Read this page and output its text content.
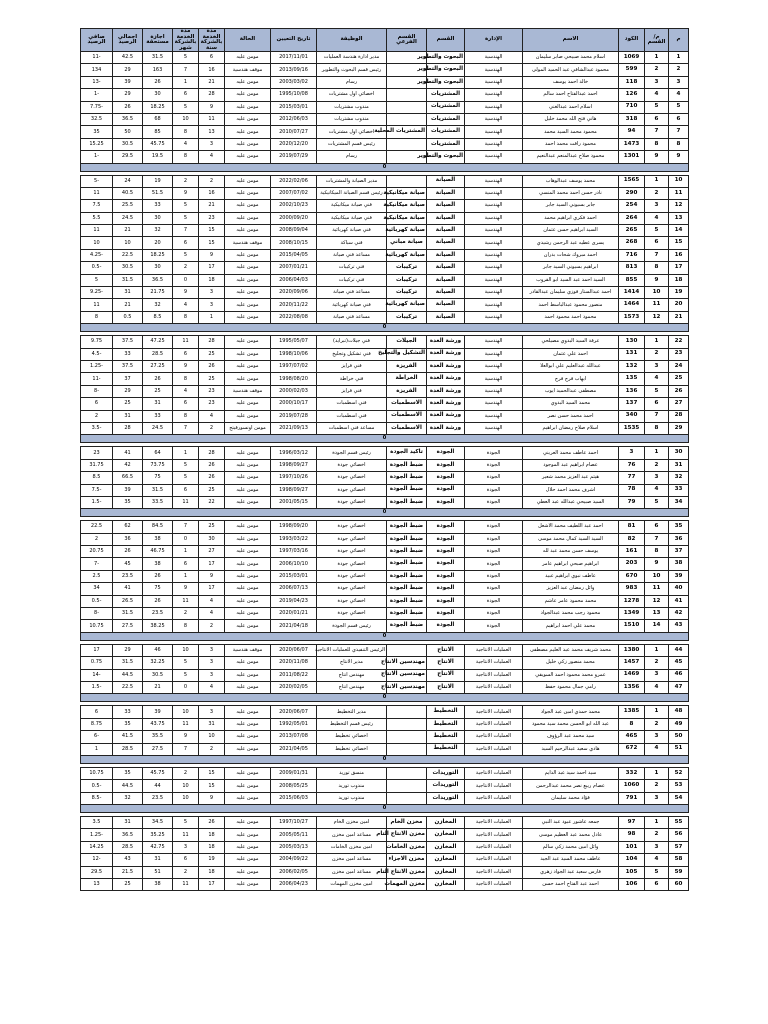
م	م/القسم	الكود	الاسم	الإدارة	القسم	القسم الفرعي	الوظيفة	تاريخ التعيين	الحالة	مدة الخدمة بالشركة سنة	مدة الخدمة بالشركة شهر	اجازة مستحقة	اجمالي الرصيد	صافي الرصيد
1	1	1069	اسلام محمد صبيحي صابر سليمان	الهندسية	البحوث والتطوير		مدير ادارة هندسة العمليات	2017/11/01	مومن عليه	6	5	31.5	42.5	-11
2	2	599	محمود عبدالشافي عبد الحميد المولى	الهندسية	البحوث والتطوير		رئيس قسم البحوث والتطوير	2013/09/16	موقف هندسية	16	7	163	29	134
3	3	118	خالد احمد يوسف	الهندسية	البحوث والتطوير		رسام	2003/03/02	مومن عليه	21	1	26	39	-13
4	4	126	احمد عبدالفتاح احمد سالم	الهندسية	المشتريات		اخصائي اول مشتريات	1995/10/08	مومن عليه	28	6	30	29	-1
5	5	710	اسلام احمد عبدالغني	الهندسية	المشتريات		مندوب مشتريات	2015/03/01	مومن عليه	9	5	18.25	26	-7.75
6	6	318	هاني فتح الله محمد خليل	الهندسية	المشتريات		مندوب مشتريات	2012/06/03	مومن عليه	11	10	68	36.5	32.5
7	7	94	محمود محمد السيد محمد	الهندسية	المشتريات	المشتريات المحلية	اخصائي اول مشتريات	2010/07/27	مومن عليه	13	8	85	50	35
8	8	1473	محمود رافت محمد احمد	الهندسية	المشتريات		رئيس قسم المشتريات	2020/12/20	مومن عليه	3	4	45.75	30.5	15.25
9	9	1301	محمود صلاح عبدالمنعم عبدالنعيم	الهندسية	البحوث والتطوير		رسام	2019/07/29	مومن عليه	4	8	19.5	29.5	-1
0														

10	1	1565	محمد يوسف عبدالوهاب	الهندسية	الصيانة		مدير الصيانة والمشتريات	2022/02/06	مومن عليه	2	2	19	24	-5
11	2	290	نادر حسن احمد محمد المنسي	الهندسية	الصيانة	صيانة ميكانيكية	رئيس قسم الصيانة الميكانيكية	2007/07/02	مومن عليه	16	9	51.5	40.5	11
12	3	254	جابر بسيوني السيد جابر	الهندسية	الصيانة	صيانة ميكانيكية	فني صيانة ميكانيكية	2002/10/23	مومن عليه	21	5	33	25.5	7.5
13	4	264	احمد فكري ابراهيم محمد	الهندسية	الصيانة	صيانة ميكانيكية	فني صيانة ميكانيكية	2000/09/20	مومن عليه	23	5	30	24.5	5.5
14	5	265	السيد ابراهيم حسن عثمان	الهندسية	الصيانة	صيانة كهربائية	فني صيانة كهربائية	2008/09/04	مومن عليه	15	7	32	21	11
15	6	268	يسرى عطيه عبد الرحمن رشيدي	الهندسية	الصيانة	صيانة مباني	فني سباكة	2008/10/15	موقف هندسية	15	6	20	10	10
16	7	716	احمد مبروك شحات بدران	الهندسية	الصيانة	صيانة كهربائية	مساعد فني صيانة	2015/04/05	مومن عليه	9	5	18.25	22.5	-4.25
17	8	813	ابراهيم بسيوني السيد جابر	الهندسية	الصيانة	تركيبات	فني تركيبات	2007/01/21	مومن عليه	17	2	30	30.5	-0.5
18	9	855	السيد احمد عبد السيد ابو القروب	الهندسية	الصيانة	تركيبات	فني تركيبات	2006/04/03	مومن عليه	18	0	36.5	31.5	5
19	10	1414	احمد عبدالستار فوزي سليمان عبدالقادر	الهندسية	الصيانة	تركيبات	مساعد فني صيانة	2020/09/06	مومن عليه	3	9	21.75	31	-9.25
20	11	1464	منصور محمود عبدالباسط احمد	الهندسية	الصيانة	صيانة كهربائية	فني صيانة كهربائية	2020/11/22	مومن عليه	3	4	32	21	11
21	12	1573	محمود احمد محمود احمد	الهندسية	الصيانة	تركيبات	مساعد فني صيانة	2022/08/08	مومن عليه	1	8	8.5	0.5	8
0														

22	1	130	عرفة السيد البدوي مصيلحي	الهندسية	ورشة العدة	الجيلات	فني جيلات(تبرايد)	1995/05/07	مومن عليه	28	11	47.25	37.5	9.75
23	2	131	احمد علي عثمان	الهندسية	ورشة العدة	التشكيل والتجليخ	فني تشكيل وتجليخ	1998/10/06	مومن عليه	25	6	28.5	33	-4.5
24	3	132	عبدالله عبدالعليم علي ابوالعلا	الهندسية	ورشة العدة	الفريزة	فني فرايز	1997/07/02	مومن عليه	26	9	27.25	37.5	-1.25
25	4	135	ايهاب فرج فرج	الهندسية	ورشة العدة	الخراطة	فني خراطة	1998/08/20	مومن عليه	25	8	26	37	-11
26	5	136	مصطفى عبدالحميد ايوب	الهندسية	ورشة العدة	الفريزة	فني فرايز	2000/02/03	موقف هندسية	23	4	25	29	-8
27	6	137	محمد السيد البدوي	الهندسية	ورشة العدة	الاسطمبات	فني اسطمبات	2000/10/17	مومن عليه	23	6	31	25	6
28	7	340	احمد محمد حسن نصر	الهندسية	ورشة العدة	الاسطمبات	فني اسطمبات	2019/07/28	مومن عليه	4	8	33	31	2
29	8	1535	اسلام صلاح رمضان ابراهيم	الهندسية	ورشة العدة	الاسطمبات	مساعد فني اسطمبات	2021/09/13	مومن اونسورفيتج	2	7	24.5	28	-3.5
0														

30	1	3	احمد عاطف محمد العريني	الجودة	الجودة	تاكيد الجودة	رئيس قسم الجودة	1996/03/12	مومن عليه	28	1	64	41	23
31	2	76	عصام ابراهيم عبد الموجود	الجودة	الجودة	ضبط الجودة	اخصائي جودة	1998/09/27	مومن عليه	26	5	73.75	42	31.75
32	3	77	هيثم عبد العزيز محمد شعير	الجودة	الجودة	ضبط الجودة	اخصائي جودة	1997/10/26	مومن عليه	26	5	75	66.5	8.5
33	4	78	اشرف محمد احمد حلال	الجودة	الجودة	ضبط الجودة	اخصائي جودة	1998/09/27	مومن عليه	25	6	31.5	39	-7.5
34	5	79	السيد صبيحي عبدالله عبد العطي	الجودة	الجودة	ضبط الجودة	اخصائي جودة	2001/05/15	مومن عليه	22	11	33.5	35	-1.5
0														

35	6	81	احمد عبد اللطيف محمد الاشعل	الجودة	الجودة	ضبط الجودة	اخصائي جودة	1998/09/20	مومن عليه	25	7	84.5	62	22.5
36	7	82	السيد السيد كمال محمد موسى	الجودة	الجودة	ضبط الجودة	اخصائي جودة	1993/03/22	مومن عليه	30	0	38	36	2
37	8	161	يوسف حسن محمد عبد لله	الجودة	الجودة	ضبط الجودة	اخصائي جودة	1997/03/16	مومن عليه	27	1	46.75	26	20.75
38	9	203	ابراهيم صبحي ابراهيم عامر	الجودة	الجودة	ضبط الجودة	اخصائي جودة	2006/10/10	مومن عليه	17	6	38	45	-7
39	10	670	عاطف نبوي ابراهيم عبيد	الجودة	الجودة	ضبط الجودة	اخصائي جودة	2015/03/01	مومن عليه	9	1	26	23.5	2.5
40	11	983	وائل رمضان عبد العزيز	الجودة	الجودة	ضبط الجودة	اخصائي جودة	2006/07/13	مومن عليه	17	9	75	41	34
41	12	1278	محمد محمود عامر عاشم	الجودة	الجودة	ضبط الجودة	اخصائي جودة	2019/04/23	مومن عليه	4	11	26	26.5	-0.5
42	13	1349	محمود رجب محمد عبدالجواد	الجودة	الجودة	ضبط الجودة	اخصائي جودة	2020/01/21	مومن عليه	4	2	23.5	31.5	-8
43	14	1510	محمد علي احمد ابراهيم	الجودة	الجودة	ضبط الجودة	رئيس قسم الجودة	2021/04/18	مومن عليه	2	8	38.25	27.5	10.75
0														

44	1	1380	محمد شريف محمد عبد العليم مصطفى	العمليات الانتاجية	الانتاج		الرئيس التنفيذي للعمليات الانتاجية	2020/06/07	موقف هندسية	3	10	46	29	17
45	2	1457	محمد منصور زكي خليل	العمليات الانتاجية	الانتاج	مهندسين الانتاج	مدير الانتاج	2020/11/08	مومن عليه	3	5	32.25	31.5	0.75
46	3	1469	عمرو محمد محمود احمد السويقي	العمليات الانتاجية	الانتاج	مهندسين الانتاج	مهندس انتاج	2011/08/22	مومن عليه	3	5	30.5	44.5	-14
47	4	1356	رامي جمال محمود حفظ	العمليات الانتاجية	الانتاج	مهندسين الانتاج	مهندس انتاج	2020/02/05	مومن عليه	4	0	21	22.5	-1.5
0														

48	1	1385	محمد حمدي امين عبد الجواد	العمليات الانتاجية	التخطيط		مدير التخطيط	2020/06/07	مومن عليه	3	10	39	33	6
49	2	8	عبد الله ابو الحسن محمد سيد محمود	العمليات الانتاجية	التخطيط		رئيس قسم التخطيط	1992/05/01	مومن عليه	31	11	43.75	35	8.75
50	3	465	سيد محمد عبد الرؤوف	العمليات الانتاجية	التخطيط		اخصائي تخطيط	2013/07/08	مومن عليه	10	9	35.5	41.5	-6
51	4	672	هادي سعيد عبدالرحيم السيد	العمليات الانتاجية	التخطيط		اخصائي تخطيط	2021/04/05	مومن عليه	2	7	27.5	28.5	1
0														

52	1	332	سيد احمد سيد عبد الدايم	العمليات الانتاجية	التوريدات		منسق توريد	2009/01/31	مومن عليه	15	2	45.75	35	10.75
53	2	1060	عصام ربيع نصر محمد عبدالرحمن	العمليات الانتاجية	التوريدات		مندوب توريد	2008/05/25	مومن عليه	15	10	44	44.5	-0.5
54	3	791	فؤاد محمد سليمان	العمليات الانتاجية	التوريدات		مندوب توريد	2015/06/03	مومن عليه	9	10	23.5	32	-8.5
0														

55	1	97	جمعه عاشور عبود عبد النبي	العمليات الانتاجية	المخازن	مخزن الخام	امين مخزن الخام	1997/10/27	مومن عليه	26	5	34.5	31	3.5
56	2	98	عادل محمد عبد العظيم موسى	العمليات الانتاجية	المخازن	مخزن الانتاج التام	مساعد امين مخزن	2005/05/11	مومن عليه	18	11	35.25	36.5	-1.25
57	3	101	وائل امين محمد زكي سالم	العمليات الانتاجية	المخازن	مخزن الخامات	امين مخزن الخامات	2005/03/13	مومن عليه	18	3	42.75	28.5	14.25
58	4	104	عاطف محمد السيد عبد الجيد	العمليات الانتاجية	المخازن	مخزن الاجزاء	مساعد امين مخزن	2004/09/22	مومن عليه	19	6	31	43	-12
59	5	105	فارس سعيد عبد الجواد زهري	العمليات الانتاجية	المخازن	مخزن الانتاج التام	مساعد امين مخزن	2006/02/05	مومن عليه	18	2	51	21.5	29.5
60	6	106	احمد عبد الفتاح احمد حسن	العمليات الانتاجية	المخازن	مخزن المهمات	امين مخزن المهمات	2006/04/23	مومن عليه	17	11	38	25	13
